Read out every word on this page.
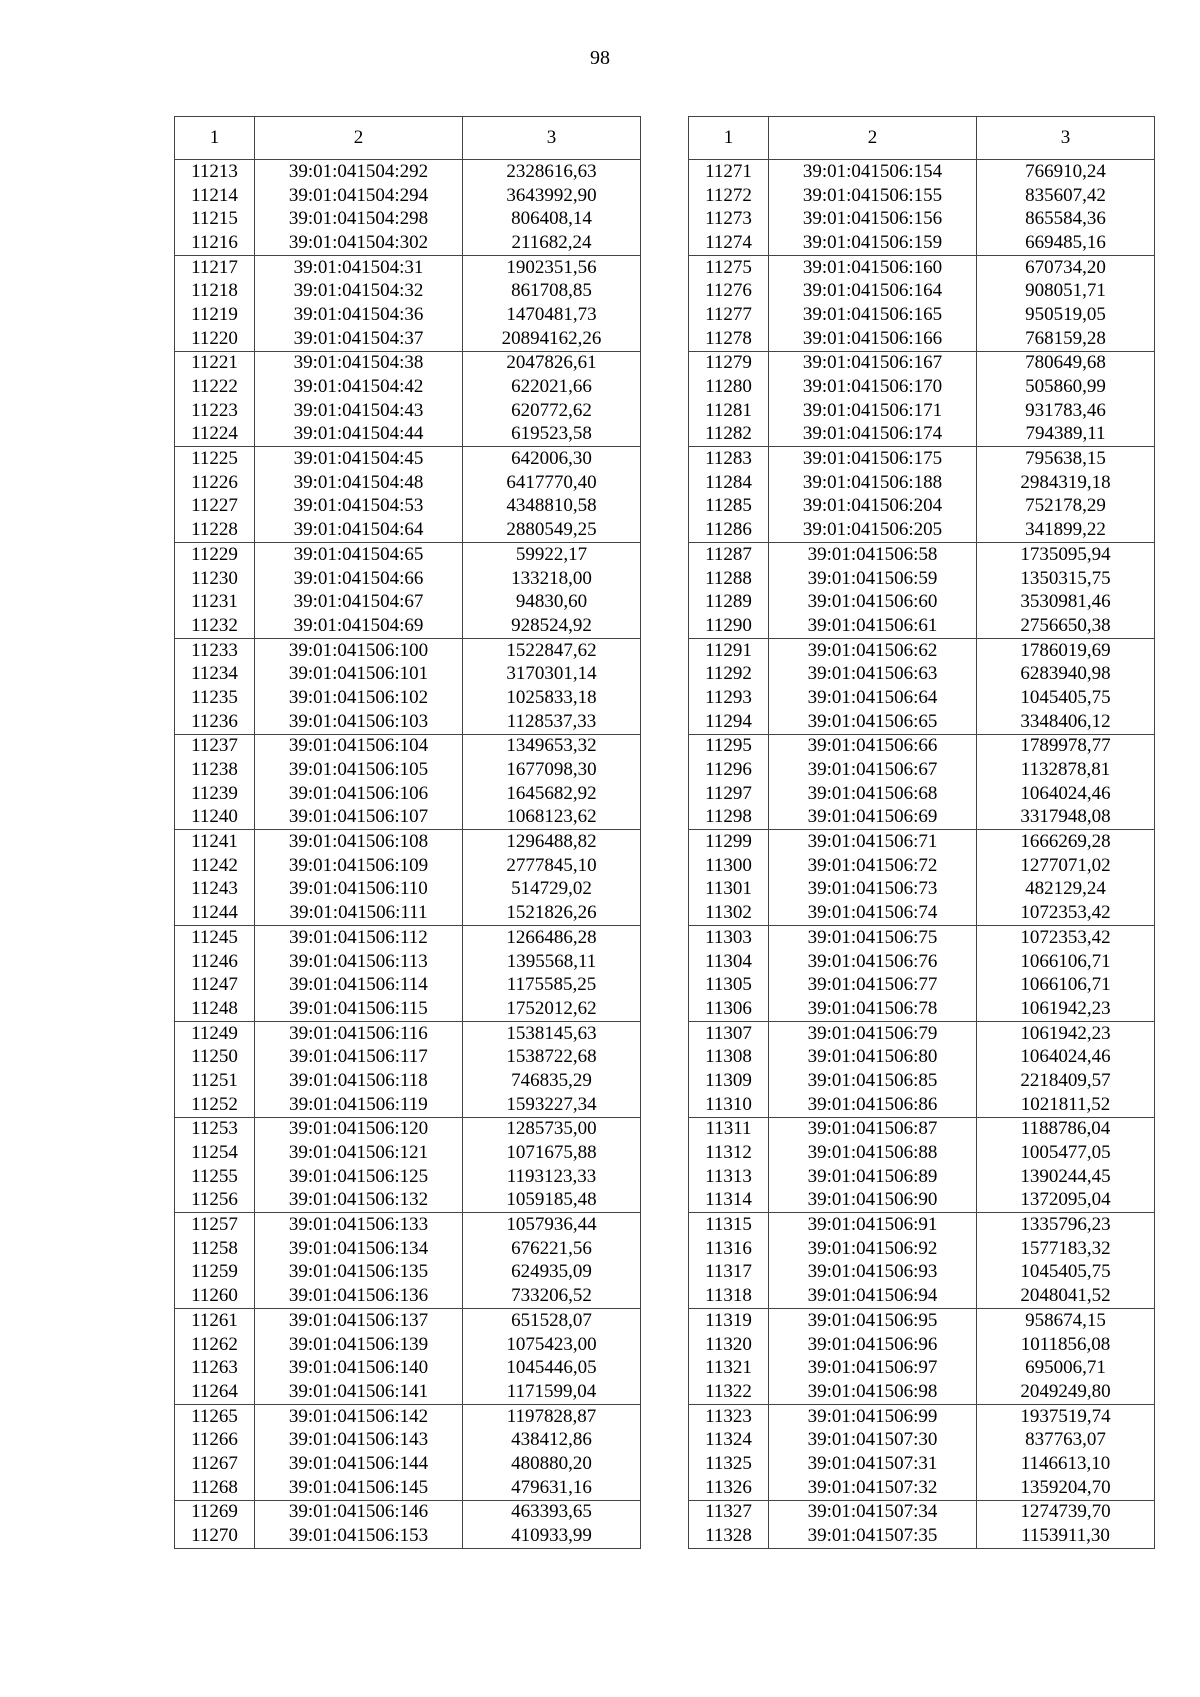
98
1	2	3
11213	39:01:041504:292	2328616,63
11214	39:01:041504:294	3643992,90
11215	39:01:041504:298	806408,14
11216	39:01:041504:302	211682,24
11217	39:01:041504:31	1902351,56
11218	39:01:041504:32	861708,85
11219	39:01:041504:36	1470481,73
11220	39:01:041504:37	20894162,26
11221	39:01:041504:38	2047826,61
11222	39:01:041504:42	622021,66
11223	39:01:041504:43	620772,62
11224	39:01:041504:44	619523,58
11225	39:01:041504:45	642006,30
11226	39:01:041504:48	6417770,40
11227	39:01:041504:53	4348810,58
11228	39:01:041504:64	2880549,25
11229	39:01:041504:65	59922,17
11230	39:01:041504:66	133218,00
11231	39:01:041504:67	94830,60
11232	39:01:041504:69	928524,92
11233	39:01:041506:100	1522847,62
11234	39:01:041506:101	3170301,14
11235	39:01:041506:102	1025833,18
11236	39:01:041506:103	1128537,33
11237	39:01:041506:104	1349653,32
11238	39:01:041506:105	1677098,30
11239	39:01:041506:106	1645682,92
11240	39:01:041506:107	1068123,62
11241	39:01:041506:108	1296488,82
11242	39:01:041506:109	2777845,10
11243	39:01:041506:110	514729,02
11244	39:01:041506:111	1521826,26
11245	39:01:041506:112	1266486,28
11246	39:01:041506:113	1395568,11
11247	39:01:041506:114	1175585,25
11248	39:01:041506:115	1752012,62
11249	39:01:041506:116	1538145,63
11250	39:01:041506:117	1538722,68
11251	39:01:041506:118	746835,29
11252	39:01:041506:119	1593227,34
11253	39:01:041506:120	1285735,00
11254	39:01:041506:121	1071675,88
11255	39:01:041506:125	1193123,33
11256	39:01:041506:132	1059185,48
11257	39:01:041506:133	1057936,44
11258	39:01:041506:134	676221,56
11259	39:01:041506:135	624935,09
11260	39:01:041506:136	733206,52
11261	39:01:041506:137	651528,07
11262	39:01:041506:139	1075423,00
11263	39:01:041506:140	1045446,05
11264	39:01:041506:141	1171599,04
11265	39:01:041506:142	1197828,87
11266	39:01:041506:143	438412,86
11267	39:01:041506:144	480880,20
11268	39:01:041506:145	479631,16
11269	39:01:041506:146	463393,65
11270	39:01:041506:153	410933,99
1	2	3
11271	39:01:041506:154	766910,24
11272	39:01:041506:155	835607,42
11273	39:01:041506:156	865584,36
11274	39:01:041506:159	669485,16
11275	39:01:041506:160	670734,20
11276	39:01:041506:164	908051,71
11277	39:01:041506:165	950519,05
11278	39:01:041506:166	768159,28
11279	39:01:041506:167	780649,68
11280	39:01:041506:170	505860,99
11281	39:01:041506:171	931783,46
11282	39:01:041506:174	794389,11
11283	39:01:041506:175	795638,15
11284	39:01:041506:188	2984319,18
11285	39:01:041506:204	752178,29
11286	39:01:041506:205	341899,22
11287	39:01:041506:58	1735095,94
11288	39:01:041506:59	1350315,75
11289	39:01:041506:60	3530981,46
11290	39:01:041506:61	2756650,38
11291	39:01:041506:62	1786019,69
11292	39:01:041506:63	6283940,98
11293	39:01:041506:64	1045405,75
11294	39:01:041506:65	3348406,12
11295	39:01:041506:66	1789978,77
11296	39:01:041506:67	1132878,81
11297	39:01:041506:68	1064024,46
11298	39:01:041506:69	3317948,08
11299	39:01:041506:71	1666269,28
11300	39:01:041506:72	1277071,02
11301	39:01:041506:73	482129,24
11302	39:01:041506:74	1072353,42
11303	39:01:041506:75	1072353,42
11304	39:01:041506:76	1066106,71
11305	39:01:041506:77	1066106,71
11306	39:01:041506:78	1061942,23
11307	39:01:041506:79	1061942,23
11308	39:01:041506:80	1064024,46
11309	39:01:041506:85	2218409,57
11310	39:01:041506:86	1021811,52
11311	39:01:041506:87	1188786,04
11312	39:01:041506:88	1005477,05
11313	39:01:041506:89	1390244,45
11314	39:01:041506:90	1372095,04
11315	39:01:041506:91	1335796,23
11316	39:01:041506:92	1577183,32
11317	39:01:041506:93	1045405,75
11318	39:01:041506:94	2048041,52
11319	39:01:041506:95	958674,15
11320	39:01:041506:96	1011856,08
11321	39:01:041506:97	695006,71
11322	39:01:041506:98	2049249,80
11323	39:01:041506:99	1937519,74
11324	39:01:041507:30	837763,07
11325	39:01:041507:31	1146613,10
11326	39:01:041507:32	1359204,70
11327	39:01:041507:34	1274739,70
11328	39:01:041507:35	1153911,30
